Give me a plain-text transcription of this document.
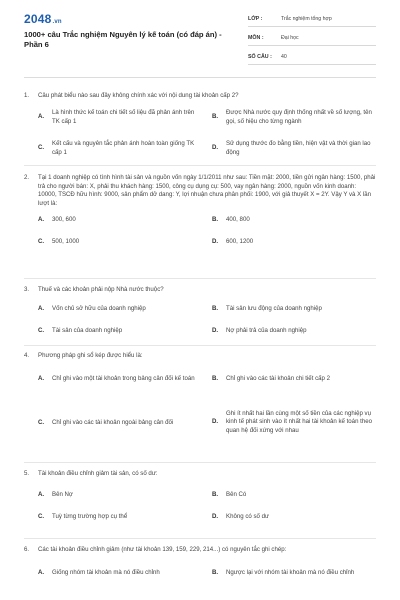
2048.vn
1000+ câu Trắc nghiệm Nguyên lý kế toán (có đáp án) - Phần 6
LỚP :	Trắc nghiệm tổng hợp
MÔN :	Đại học
SỐ CÂU :	40
1. Câu phát biểu nào sau đây không chính xác với nội dung tài khoản cấp 2?
A.
Là hình thức kế toán chi tiết số liệu đã phản ánh trên TK cấp 1
B.
Được Nhà nước quy định thống nhất về số lượng, tên gọi, số hiệu cho từng ngành
C.
Kết cấu và nguyên tắc phản ánh hoàn toàn giống TK cấp 1
D.
Sử dụng thước đo bằng tiền, hiện vật và thời gian lao động
2. Tại 1 doanh nghiệp có tình hình tài sản và nguồn vốn ngày 1/1/2011 như sau: Tiền mặt: 2000, tiền gửi ngân hàng: 1500, phải trả cho người bán: X, phải thu khách hàng: 1500, công cụ dụng cụ: 500, vay ngân hàng: 2000, nguồn vốn kinh doanh: 10000, TSCĐ hữu hình: 9000, sản phẩm dở dang: Y, lợi nhuận chưa phân phối: 1900, với giả thuyết X = 2Y. Vậy Y và X lần lượt là:
A.	300, 600	B.	400, 800
C.	500, 1000	D.	600, 1200
3. Thuế và các khoản phải nộp Nhà nước thuộc?
A.	Vốn chủ sở hữu của doanh nghiệp	B.	Tài sản lưu động của doanh nghiệp
C.	Tài sản của doanh nghiệp	D.	Nợ phải trả của doanh nghiệp
4. Phương pháp ghi sổ kép được hiểu là:
A.	Chỉ ghi vào một tài khoản trong bảng cân đối kế toán	B.	Chỉ ghi vào các tài khoản chi tiết cấp 2
C.	Chỉ ghi vào các tài khoản ngoài bảng cân đối	D.
Ghi ít nhất hai lần cùng một số tiền của các nghiệp vụ kinh tế phát sinh vào ít nhất hai tài khoản kế toán theo quan hệ đối xứng với nhau
5. Tài khoản điều chỉnh giảm tài sản, có số dư:
A.	Bên Nợ	B.	Bên Có
C.	Tuỳ từng trường hợp cụ thể	D.	Không có số dư
6. Các tài khoản điều chỉnh giảm (như tài khoản 139, 159, 229, 214...) có nguyên tắc ghi chép:
A.	Giống nhóm tài khoản mà nó điều chỉnh	B.	Ngược lại với nhóm tài khoản mà nó điều chỉnh
